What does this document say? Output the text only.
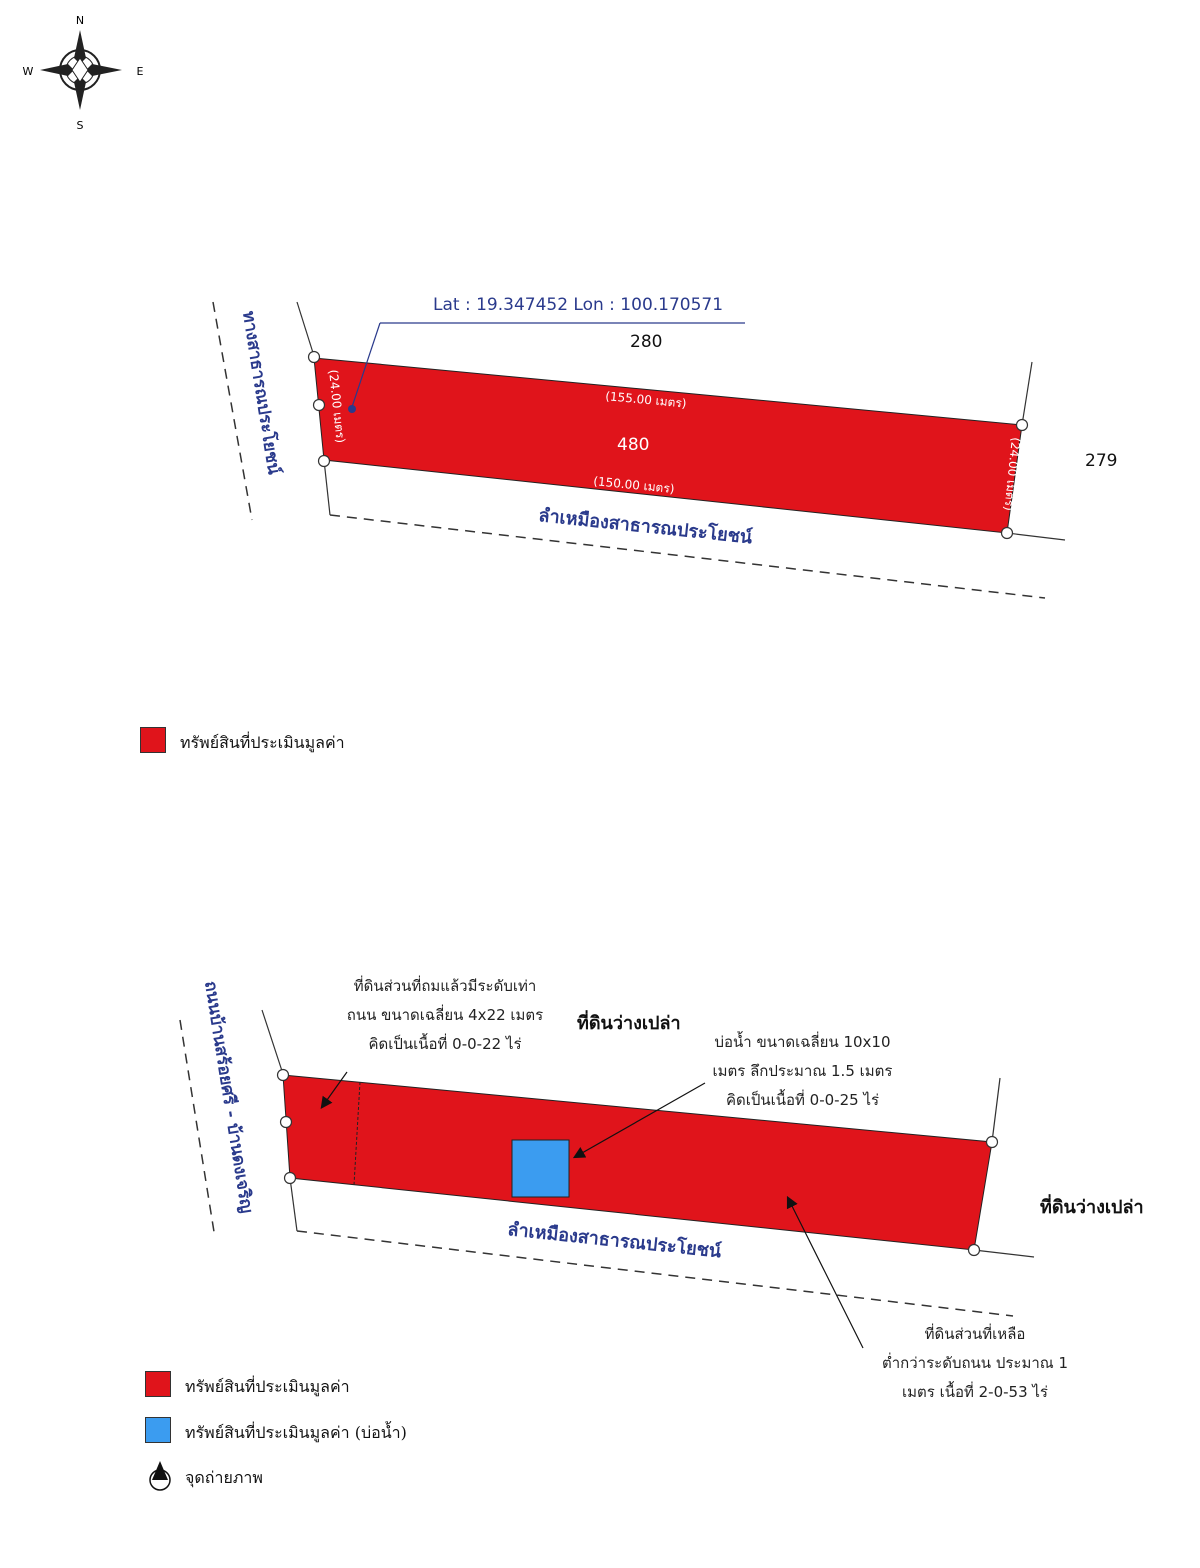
N
S
E
W
Lat : 19.347452 Lon : 100.170571
280
279
480
(155.00 เมตร)
(150.00 เมตร)
(24.00 เมตร)
(24.00 เมตร)
ทางสาธารณประโยชน์
ลำเหมืองสาธารณประโยชน์
ถนนบ้านสร้อยศรี - บ้านดงเจริญ
ลำเหมืองสาธารณประโยชน์
ที่ดินว่างเปล่า
ที่ดินว่างเปล่า
ทรัพย์สินที่ประเมินมูลค่า
ที่ดินส่วนที่ถมแล้วมีระดับเท่า
ถนน ขนาดเฉลี่ยน 4x22 เมตร
คิดเป็นเนื้อที่ 0-0-22 ไร่	บ่อน้ำ ขนาดเฉลี่ยน 10x10
เมตร ลึกประมาณ 1.5 เมตร
คิดเป็นเนื้อที่ 0-0-25 ไร่
ที่ดินส่วนที่เหลือ
ต่ำกว่าระดับถนน ประมาณ 1
เมตร เนื้อที่ 2-0-53 ไร่
ทรัพย์สินที่ประเมินมูลค่า
ทรัพย์สินที่ประเมินมูลค่า (บ่อน้ำ)
จุดถ่ายภาพ
